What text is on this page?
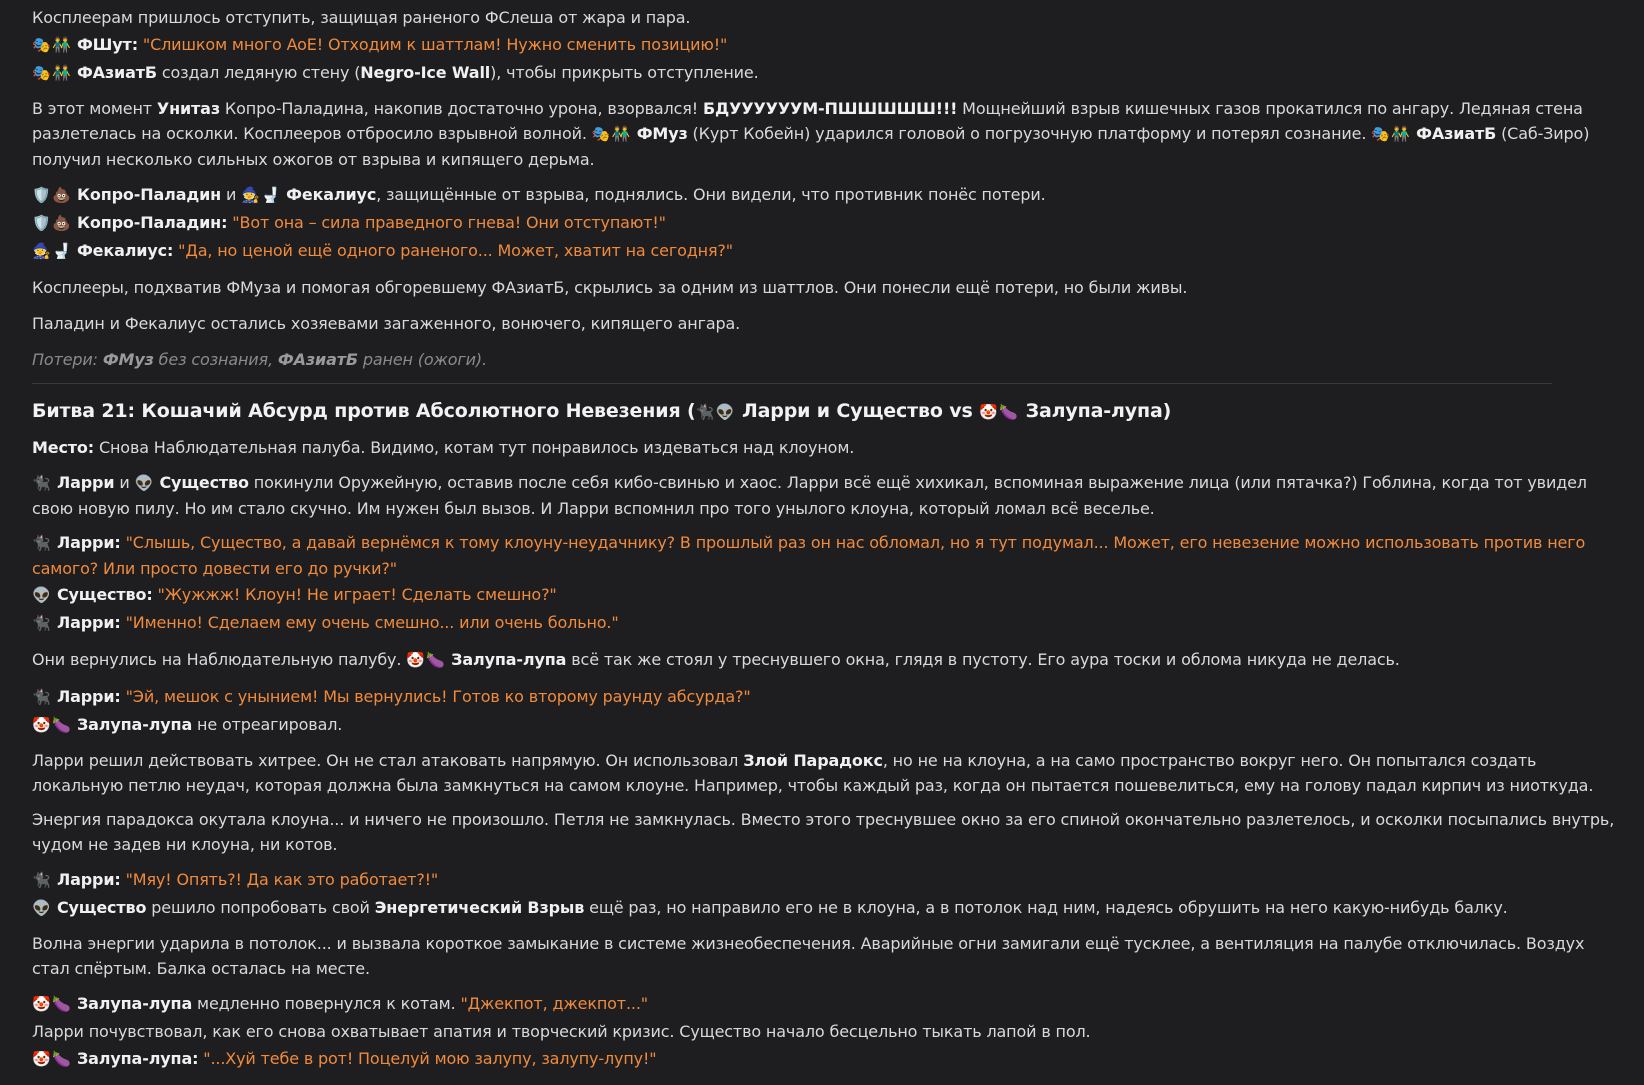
Косплеерам пришлось отступить, защищая раненого ФСлеша от жара и пара.

🎭👬 ФШут: "Слишком много AoE! Отходим к шаттлам! Нужно сменить позицию!"

🎭👬 ФАзиатБ создал ледяную стену (Negro-Ice Wall), чтобы прикрыть отступление.

В этот момент Унитаз Копро-Паладина, накопив достаточно урона, взорвался! БДУУУУУУМ-ПШШШШШ!!! Мощнейший взрыв кишечных газов прокатился по ангару. Ледяная стена разлетелась на осколки. Косплееров отбросило взрывной волной. 🎭👬 ФМуз (Курт Кобейн) ударился головой о погрузочную платформу и потерял сознание. 🎭👬 ФАзиатБ (Саб-Зиро) получил несколько сильных ожогов от взрыва и кипящего дерьма.

🛡️💩 Копро-Паладин и 🧙🚽 Фекалиус, защищённые от взрыва, поднялись. Они видели, что противник понёс потери.

🛡️💩 Копро-Паладин: "Вот она – сила праведного гнева! Они отступают!"

🧙🚽 Фекалиус: "Да, но ценой ещё одного раненого... Может, хватит на сегодня?"

Косплееры, подхватив ФМуза и помогая обгоревшему ФАзиатБ, скрылись за одним из шаттлов. Они понесли ещё потери, но были живы.

Паладин и Фекалиус остались хозяевами загаженного, вонючего, кипящего ангара.

Потери: ФМуз без сознания, ФАзиатБ ранен (ожоги).

Битва 21: Кошачий Абсурд против Абсолютного Невезения (🐈‍⬛👽 Ларри и Существо vs 🤡🍆 Залупа-лупа)

Место: Снова Наблюдательная палуба. Видимо, котам тут понравилось издеваться над клоуном.

🐈‍⬛ Ларри и 👽 Существо покинули Оружейную, оставив после себя кибо-свинью и хаос. Ларри всё ещё хихикал, вспоминая выражение лица (или пятачка?) Гоблина, когда тот увидел свою новую пилу. Но им стало скучно. Им нужен был вызов. И Ларри вспомнил про того унылого клоуна, который ломал всё веселье.

🐈‍⬛ Ларри: "Слышь, Существо, а давай вернёмся к тому клоуну-неудачнику? В прошлый раз он нас обломал, но я тут подумал... Может, его невезение можно использовать против него самого? Или просто довести его до ручки?"

👽 Существо: "Жужжж! Клоун! Не играет! Сделать смешно?"

🐈‍⬛ Ларри: "Именно! Сделаем ему очень смешно... или очень больно."

Они вернулись на Наблюдательную палубу. 🤡🍆 Залупа-лупа всё так же стоял у треснувшего окна, глядя в пустоту. Его аура тоски и облома никуда не делась.

🐈‍⬛ Ларри: "Эй, мешок с унынием! Мы вернулись! Готов ко второму раунду абсурда?"

🤡🍆 Залупа-лупа не отреагировал.

Ларри решил действовать хитрее. Он не стал атаковать напрямую. Он использовал Злой Парадокс, но не на клоуна, а на само пространство вокруг него. Он попытался создать локальную петлю неудач, которая должна была замкнуться на самом клоуне. Например, чтобы каждый раз, когда он пытается пошевелиться, ему на голову падал кирпич из ниоткуда.

Энергия парадокса окутала клоуна... и ничего не произошло. Петля не замкнулась. Вместо этого треснувшее окно за его спиной окончательно разлетелось, и осколки посыпались внутрь, чудом не задев ни клоуна, ни котов.

🐈‍⬛ Ларри: "Мяу! Опять?! Да как это работает?!"

👽 Существо решило попробовать свой Энергетический Взрыв ещё раз, но направило его не в клоуна, а в потолок над ним, надеясь обрушить на него какую-нибудь балку.

Волна энергии ударила в потолок... и вызвала короткое замыкание в системе жизнеобеспечения. Аварийные огни замигали ещё тусклее, а вентиляция на палубе отключилась. Воздух стал спёртым. Балка осталась на месте.

🤡🍆 Залупа-лупа медленно повернулся к котам. "Джекпот, джекпот..."

Ларри почувствовал, как его снова охватывает апатия и творческий кризис. Существо начало бесцельно тыкать лапой в пол.

🤡🍆 Залупа-лупа: "...Хуй тебе в рот! Поцелуй мою залупу, залупу-лупу!"
